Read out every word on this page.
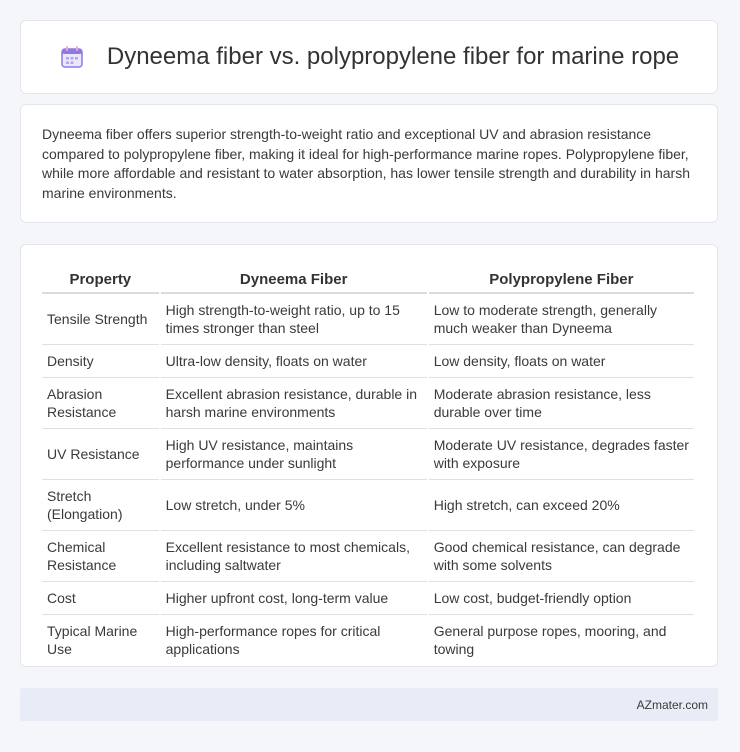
Dyneema fiber vs. polypropylene fiber for marine rope

Dyneema fiber offers superior strength-to-weight ratio and exceptional UV and abrasion resistance compared to polypropylene fiber, making it ideal for high-performance marine ropes. Polypropylene fiber, while more affordable and resistant to water absorption, has lower tensile strength and durability in harsh marine environments.

Property	Dyneema Fiber	Polypropylene Fiber
Tensile Strength	High strength-to-weight ratio, up to 15 times stronger than steel	Low to moderate strength, generally much weaker than Dyneema
Density	Ultra-low density, floats on water	Low density, floats on water
Abrasion Resistance	Excellent abrasion resistance, durable in harsh marine environments	Moderate abrasion resistance, less durable over time
UV Resistance	High UV resistance, maintains performance under sunlight	Moderate UV resistance, degrades faster with exposure
Stretch (Elongation)	Low stretch, under 5%	High stretch, can exceed 20%
Chemical Resistance	Excellent resistance to most chemicals, including saltwater	Good chemical resistance, can degrade with some solvents
Cost	Higher upfront cost, long-term value	Low cost, budget-friendly option
Typical Marine Use	High-performance ropes for critical applications	General purpose ropes, mooring, and towing
AZmater.com
